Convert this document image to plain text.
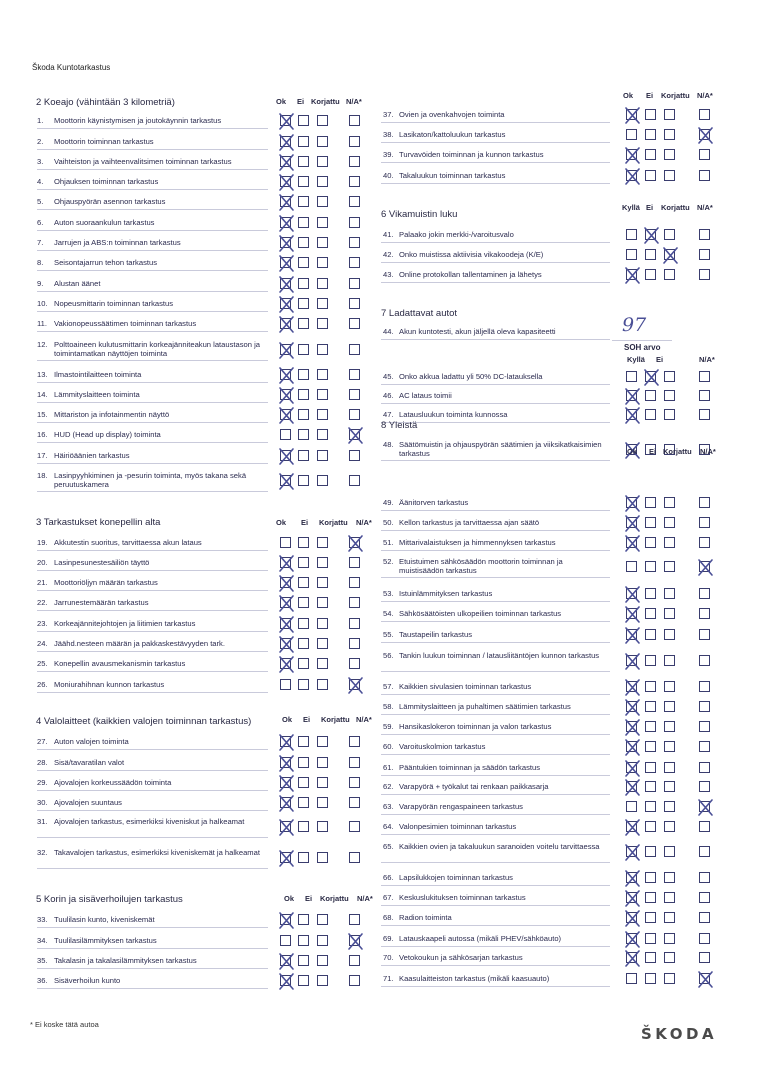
Škoda Kuntotarkastus
2 Koeajo (vähintään 3 kilometriä)
1. Moottorin käynistymisen ja joutokäynnin tarkastus
2. Moottorin toiminnan tarkastus
3. Vaihteiston ja vaihteenvalitsimen toiminnan tarkastus
4. Ohjauksen toiminnan tarkastus
5. Ohjauspyörän asennon tarkastus
6. Auton suoraankulun tarkastus
7. Jarrujen ja ABS:n toiminnan tarkastus
8. Seisontajarrun tehon tarkastus
9. Alustan äänet
10. Nopeusmittarin toiminnan tarkastus
11. Vakionopeussäätimen toiminnan tarkastus
12. Polttoaineen kulutusmittarin korkeajänniteakun lataustason ja toimintamatkan näyttöjen toiminta
13. Ilmastointilaitteen toiminta
14. Lämmityslaitteen toiminta
15. Mittariston ja infotainmentin näyttö
16. HUD (Head up display) toiminta
17. Häiriöäänien tarkastus
18. Lasinpyyhkiminen ja -pesurin toiminta, myös takana sekä peruutuskamera
3 Tarkastukset konepellin alta
19. Akkutestin suoritus, tarvittaessa akun lataus
20. Lasinpesunestesäiliön täyttö
21. Moottoriöljyn määrän tarkastus
22. Jarrunestemäärän tarkastus
23. Korkeajännitejohtojen ja liitimien tarkastus
24. Jäähd.nesteen määrän ja pakkaskestävyyden tark.
25. Konepellin avausmekanismin tarkastus
26. Moniurahihnan kunnon tarkastus
4 Valolaitteet (kaikkien valojen toiminnan tarkastus)
27. Auton valojen toiminta
28. Sisä/tavaratilan valot
29. Ajovalojen korkeussäädön toiminta
30. Ajovalojen suuntaus
31. Ajovalojen tarkastus, esimerkiksi kiveniskut ja halkeamat
32. Takavalojen tarkastus, esimerkiksi kiveniskemät ja halkeamat
5 Korin ja sisäverhoilujen tarkastus
33. Tuulilasin kunto, kiveniskemät
34. Tuulilasilämmityksen tarkastus
35. Takalasin ja takalasilämmityksen tarkastus
36. Sisäverhoilun kunto
37. Ovien ja ovenkahvojen toiminta
38. Lasikaton/kattoluukun tarkastus
39. Turvavöiden toiminnan ja kunnon tarkastus
40. Takaluukun toiminnan tarkastus
6 Vikamuistin luku
41. Palaako jokin merkki-/varoitusvalo
42. Onko muistissa aktiivisia vikakoodeja (K/E)
43. Online protokollan tallentaminen ja lähetys
7 Ladattavat autot
44. Akun kuntotesti, akun jäljellä oleva kapasiteetti
45. Onko akkua ladattu yli 50% DC-latauksella
46. AC lataus toimii
47. Latausluukun toiminta kunnossa
8 Yleistä
48. Säätömuistin ja ohjauspyörän säätimien ja viiksikatkaisimien tarkastus
49. Äänitorven tarkastus
50. Kellon tarkastus ja tarvittaessa ajan säätö
51. Mittarivalaistuksen ja himmennyksen tarkastus
52. Etuistuimen sähkösäädön moottorin toiminnan ja muistisäädön tarkastus
53. Istuinlämmityksen tarkastus
54. Sähkösäätöisten ulkopeilien toiminnan tarkastus
55. Taustapeilin tarkastus
56. Tankin luukun toiminnan / latausliitäntöjen kunnon tarkastus
57. Kaikkien sivulasien toiminnan tarkastus
58. Lämmityslaitteen ja puhaltimen säätimien tarkastus
59. Hansikaslokeron toiminnan ja valon tarkastus
60. Varoituskolmion tarkastus
61. Pääntukien toiminnan ja säädön tarkastus
62. Varapyörä + työkalut tai renkaan paikkasarja
63. Varapyörän rengaspaineen tarkastus
64. Valonpesimien toiminnan tarkastus
65. Kaikkien ovien ja takaluukun saranoiden voitelu tarvittaessa
66. Lapsilukkojen toiminnan tarkastus
67. Keskuslukituksen toiminnan tarkastus
68. Radion toiminta
69. Latauskaapeli autossa (mikäli PHEV/sähköauto)
70. Vetokoukun ja sähkösarjan tarkastus
71. Kaasulaitteiston tarkastus (mikäli kaasuauto)
Ok Ei Korjattu N/A*
Ok Ei Korjattu N/A*
Ok Ei Korjattu N/A*
Ok Ei Korjattu N/A*
Ok Ei Korjattu N/A*
Kyllä Ei Korjattu N/A*
Kyllä Ei	N/A*
Ok Ei Korjattu N/A*
SOH arvo
97
* Ei koske tätä autoa
ŠKODA
